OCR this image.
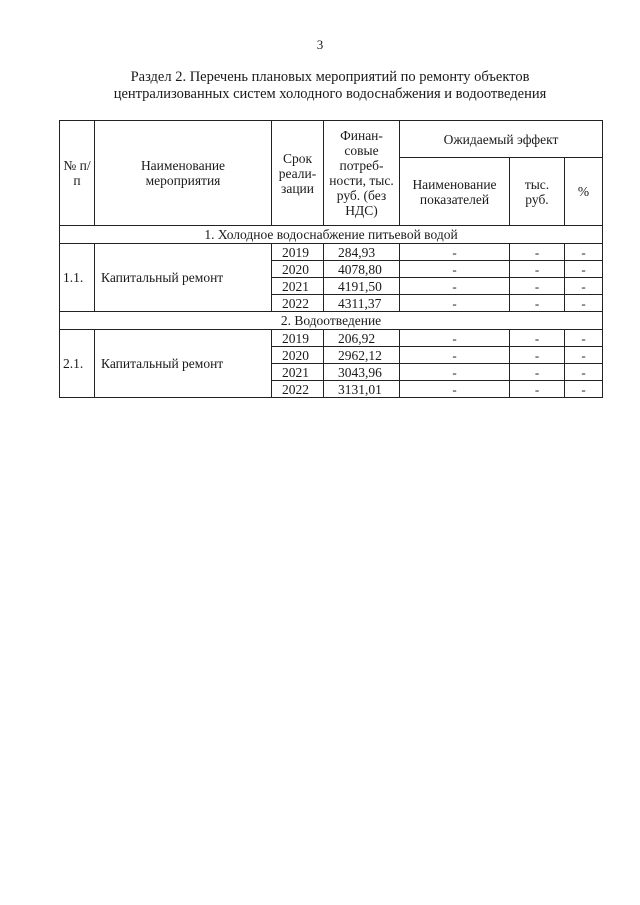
3
Раздел 2. Перечень плановых мероприятий по ремонту объектов
централизованных систем холодного водоснабжения и водоотведения
№ п/п	Наименование мероприятия	Срок реали-зации	Финан-совые потреб-ности, тыс. руб. (без НДС)	Ожидаемый эффект		
				Наименование показателей	тыс. руб.	%
1. Холодное водоснабжение питьевой водой						
1.1.	Капитальный ремонт	2019	284,93	-	-	-
		2020	4078,80	-	-	-
		2021	4191,50	-	-	-
		2022	4311,37	-	-	-
2. Водоотведение						
2.1.	Капитальный ремонт	2019	206,92	-	-	-
		2020	2962,12	-	-	-
		2021	3043,96	-	-	-
		2022	3131,01	-	-	-
